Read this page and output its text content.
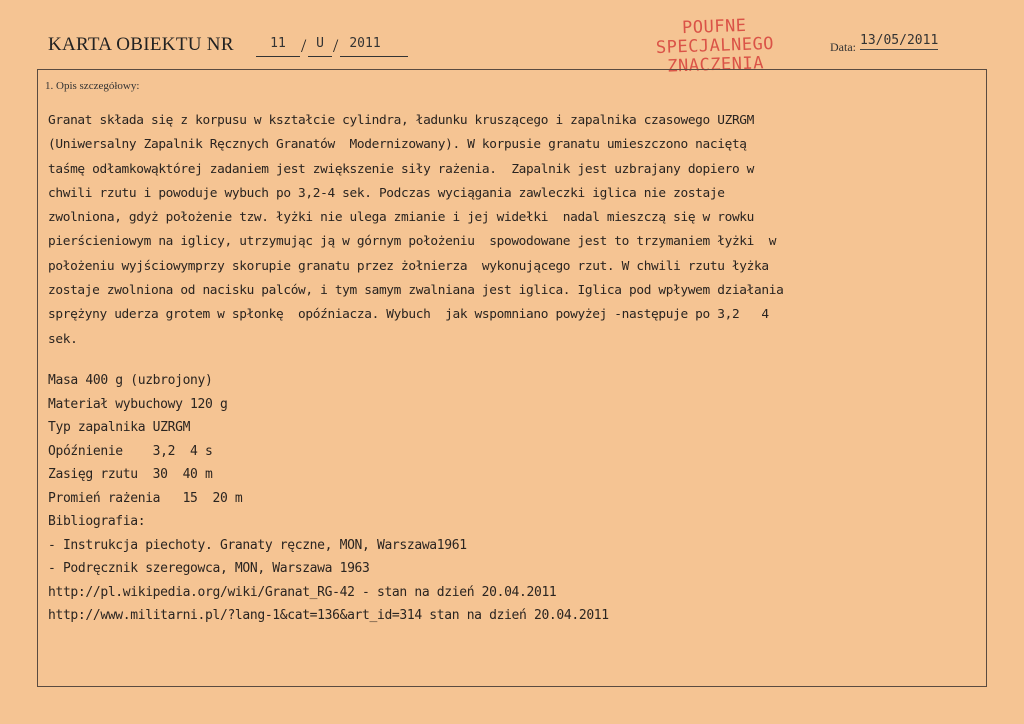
KARTA OBIEKTU NR	11 / U / 2011
POUFNE
SPECJALNEGO
ZNACZENIA
Data: 13/05/2011
1. Opis szczegółowy:
Granat składa się z korpusu w kształcie cylindra, ładunku kruszącego i zapalnika czasowego UZRGM
(Uniwersalny Zapalnik Ręcznych Granatów  Modernizowany). W korpusie granatu umieszczono naciętą
taśmę odłamkowąktórej zadaniem jest zwiększenie siły rażenia.  Zapalnik jest uzbrajany dopiero w
chwili rzutu i powoduje wybuch po 3,2-4 sek. Podczas wyciągania zawleczki iglica nie zostaje
zwolniona, gdyż położenie tzw. łyżki nie ulega zmianie i jej widełki  nadal mieszczą się w rowku
pierścieniowym na iglicy, utrzymując ją w górnym położeniu  spowodowane jest to trzymaniem łyżki  w
położeniu wyjściowymprzy skorupie granatu przez żołnierza  wykonującego rzut. W chwili rzutu łyżka
zostaje zwolniona od nacisku palców, i tym samym zwalniana jest iglica. Iglica pod wpływem działania
sprężyny uderza grotem w spłonkę  opóźniacza. Wybuch  jak wspomniano powyżej -następuje po 3,2   4
sek.
Masa 400 g (uzbrojony)
Materiał wybuchowy 120 g
Typ zapalnika UZRGM
Opóźnienie    3,2  4 s
Zasięg rzutu  30  40 m
Promień rażenia   15  20 m
Bibliografia:
- Instrukcja piechoty. Granaty ręczne, MON, Warszawa1961
- Podręcznik szeregowca, MON, Warszawa 1963
http://pl.wikipedia.org/wiki/Granat_RG-42 - stan na dzień 20.04.2011
http://www.militarni.pl/?lang-1&cat=136&art_id=314 stan na dzień 20.04.2011
